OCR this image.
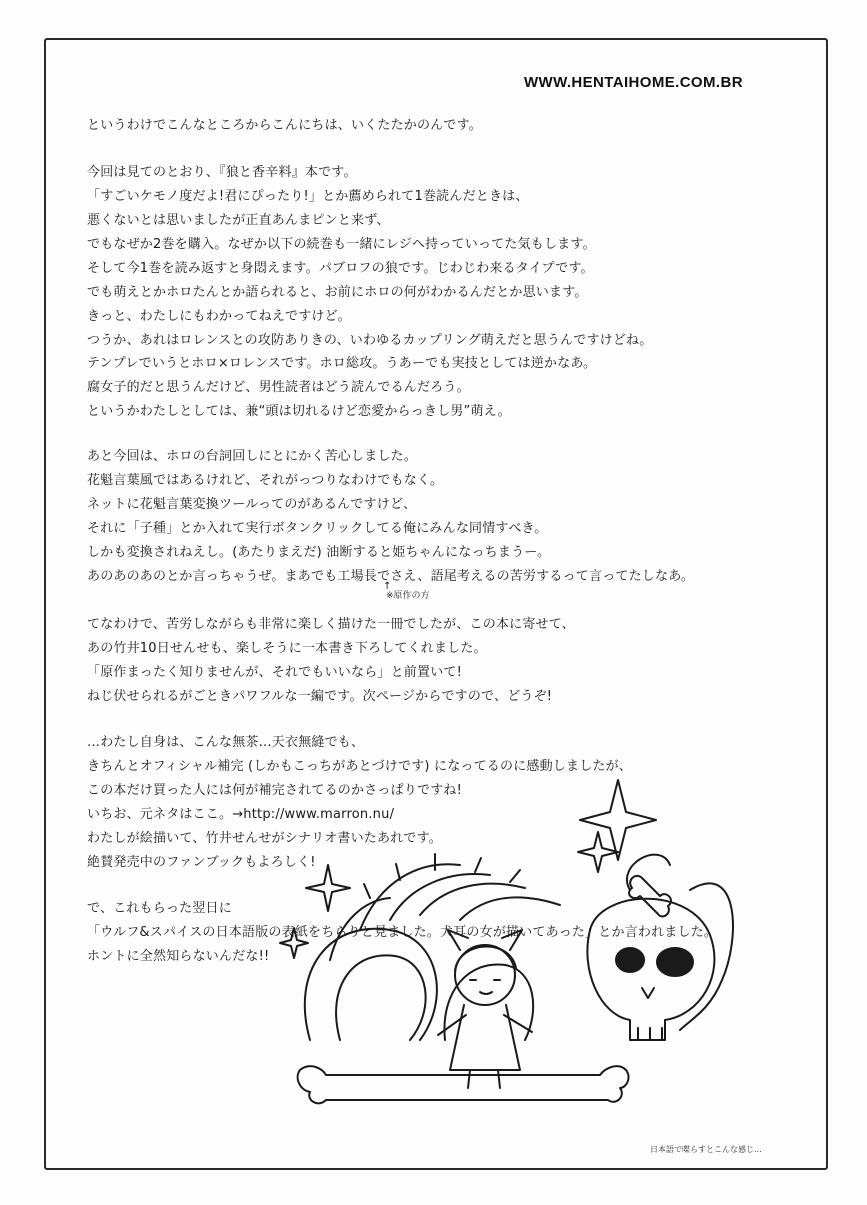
WWW.HENTAIHOME.COM.BR
というわけでこんなところからこんにちは、いくたたかのんです。
今回は見てのとおり、『狼と香辛料』本です。
「すごいケモノ度だよ!君にぴったり!」とか薦められて1巻読んだときは、
悪くないとは思いましたが正直あんまピンと来ず、
でもなぜか2巻を購入。なぜか以下の続巻も一緒にレジへ持っていってた気もします。
そして今1巻を読み返すと身悶えます。パブロフの狼です。じわじわ来るタイプです。
でも萌えとかホロたんとか語られると、お前にホロの何がわかるんだとか思います。
きっと、わたしにもわかってねえですけど。
つうか、あれはロレンスとの攻防ありきの、いわゆるカップリング萌えだと思うんですけどね。
テンプレでいうとホロ×ロレンスです。ホロ総攻。うあーでも実技としては逆かなあ。
腐女子的だと思うんだけど、男性読者はどう読んでるんだろう。
というかわたしとしては、兼“頭は切れるけど恋愛からっきし男”萌え。
あと今回は、ホロの台詞回しにとにかく苦心しました。
花魁言葉風ではあるけれど、それがっつりなわけでもなく。
ネットに花魁言葉変換ツールってのがあるんですけど、
それに「子種」とか入れて実行ボタンクリックしてる俺にみんな同情すべき。
しかも変換されねえし。(あたりまえだ) 油断すると姫ちゃんになっちまうー。
あのあのあのとか言っちゃうぜ。まあでも工場長でさえ、語尾考えるの苦労するって言ってたしなあ。
↑
※原作の方
てなわけで、苦労しながらも非常に楽しく描けた一冊でしたが、この本に寄せて、
あの竹井10日せんせも、楽しそうに一本書き下ろしてくれました。
「原作まったく知りませんが、それでもいいなら」と前置いて!
ねじ伏せられるがごときパワフルな一編です。次ページからですので、どうぞ!
…わたし自身は、こんな無茶…天衣無縫でも、
きちんとオフィシャル補完 (しかもこっちがあとづけです) になってるのに感動しましたが、
この本だけ買った人には何が補完されてるのかさっぱりですね!
いちお、元ネタはここ。→http://www.marron.nu/
わたしが絵描いて、竹井せんせがシナリオ書いたあれです。
絶賛発売中のファンブックもよろしく!
で、これもらった翌日に
「ウルフ&スパイスの日本語版の表紙をちらりと見ました。犬耳の女が描いてあった」とか言われました。
ホントに全然知らないんだな!!
日本語で喋らすとこんな感じ...
